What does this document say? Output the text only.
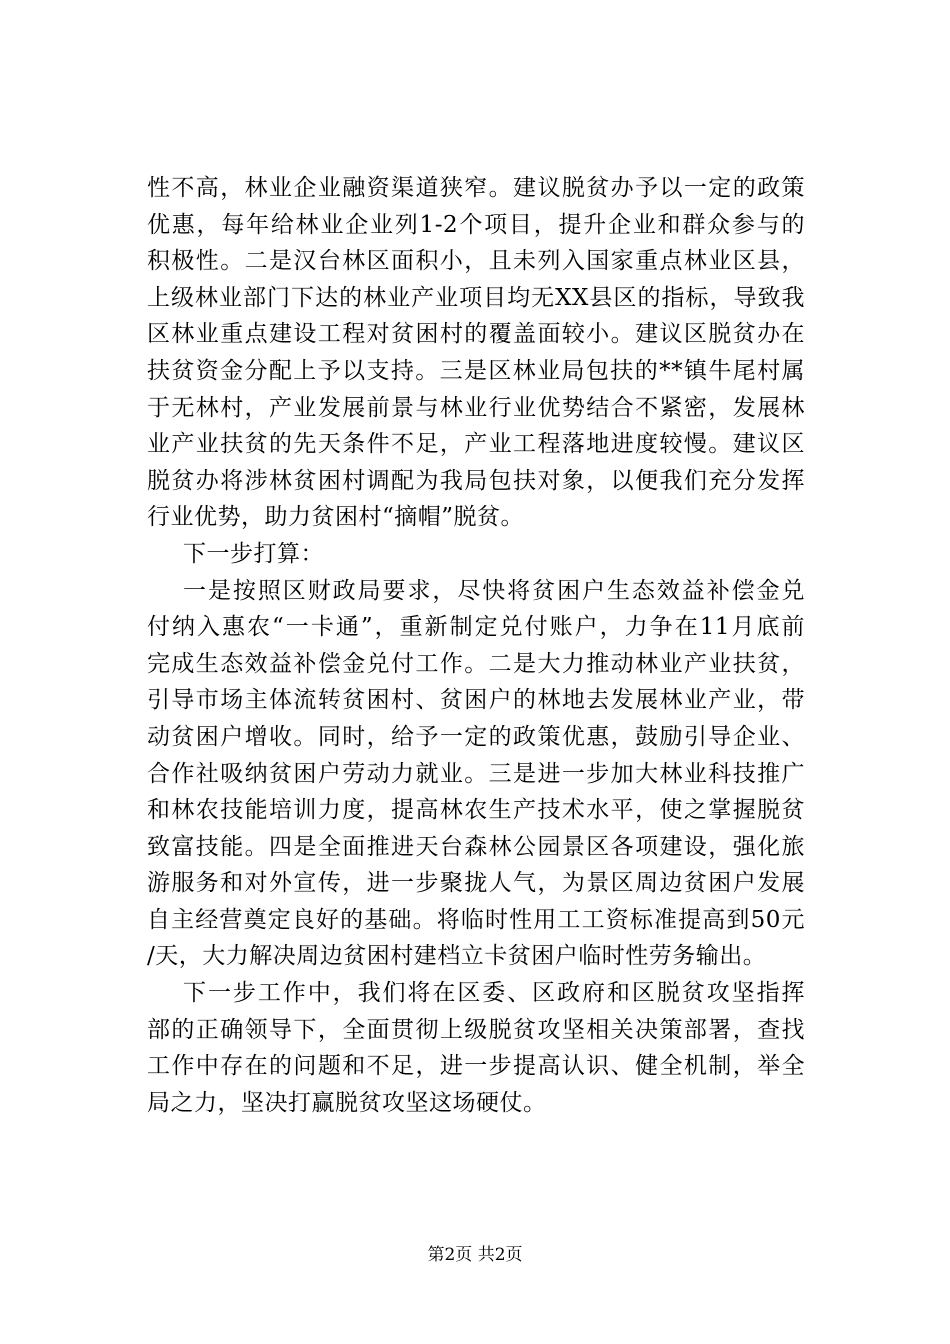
性不高，林业企业融资渠道狭窄。建议脱贫办予以一定的政策
优惠，每年给林业企业列1-2个项目，提升企业和群众参与的
积极性。二是汉台林区面积小，且未列入国家重点林业区县，
上级林业部门下达的林业产业项目均无XX县区的指标，导致我
区林业重点建设工程对贫困村的覆盖面较小。建议区脱贫办在
扶贫资金分配上予以支持。三是区林业局包扶的**镇牛尾村属
于无林村，产业发展前景与林业行业优势结合不紧密，发展林
业产业扶贫的先天条件不足，产业工程落地进度较慢。建议区
脱贫办将涉林贫困村调配为我局包扶对象，以便我们充分发挥
行业优势，助力贫困村“摘帽”脱贫。
下一步打算：
一是按照区财政局要求，尽快将贫困户生态效益补偿金兑
付纳入惠农“一卡通”，重新制定兑付账户，力争在11月底前
完成生态效益补偿金兑付工作。二是大力推动林业产业扶贫，
引导市场主体流转贫困村、贫困户的林地去发展林业产业，带
动贫困户增收。同时，给予一定的政策优惠，鼓励引导企业、
合作社吸纳贫困户劳动力就业。三是进一步加大林业科技推广
和林农技能培训力度，提高林农生产技术水平，使之掌握脱贫
致富技能。四是全面推进天台森林公园景区各项建设，强化旅
游服务和对外宣传，进一步聚拢人气，为景区周边贫困户发展
自主经营奠定良好的基础。将临时性用工工资标准提高到50元
/天，大力解决周边贫困村建档立卡贫困户临时性劳务输出。
下一步工作中，我们将在区委、区政府和区脱贫攻坚指挥
部的正确领导下，全面贯彻上级脱贫攻坚相关决策部署，查找
工作中存在的问题和不足，进一步提高认识、健全机制，举全
局之力，坚决打赢脱贫攻坚这场硬仗。
第2页 共2页
